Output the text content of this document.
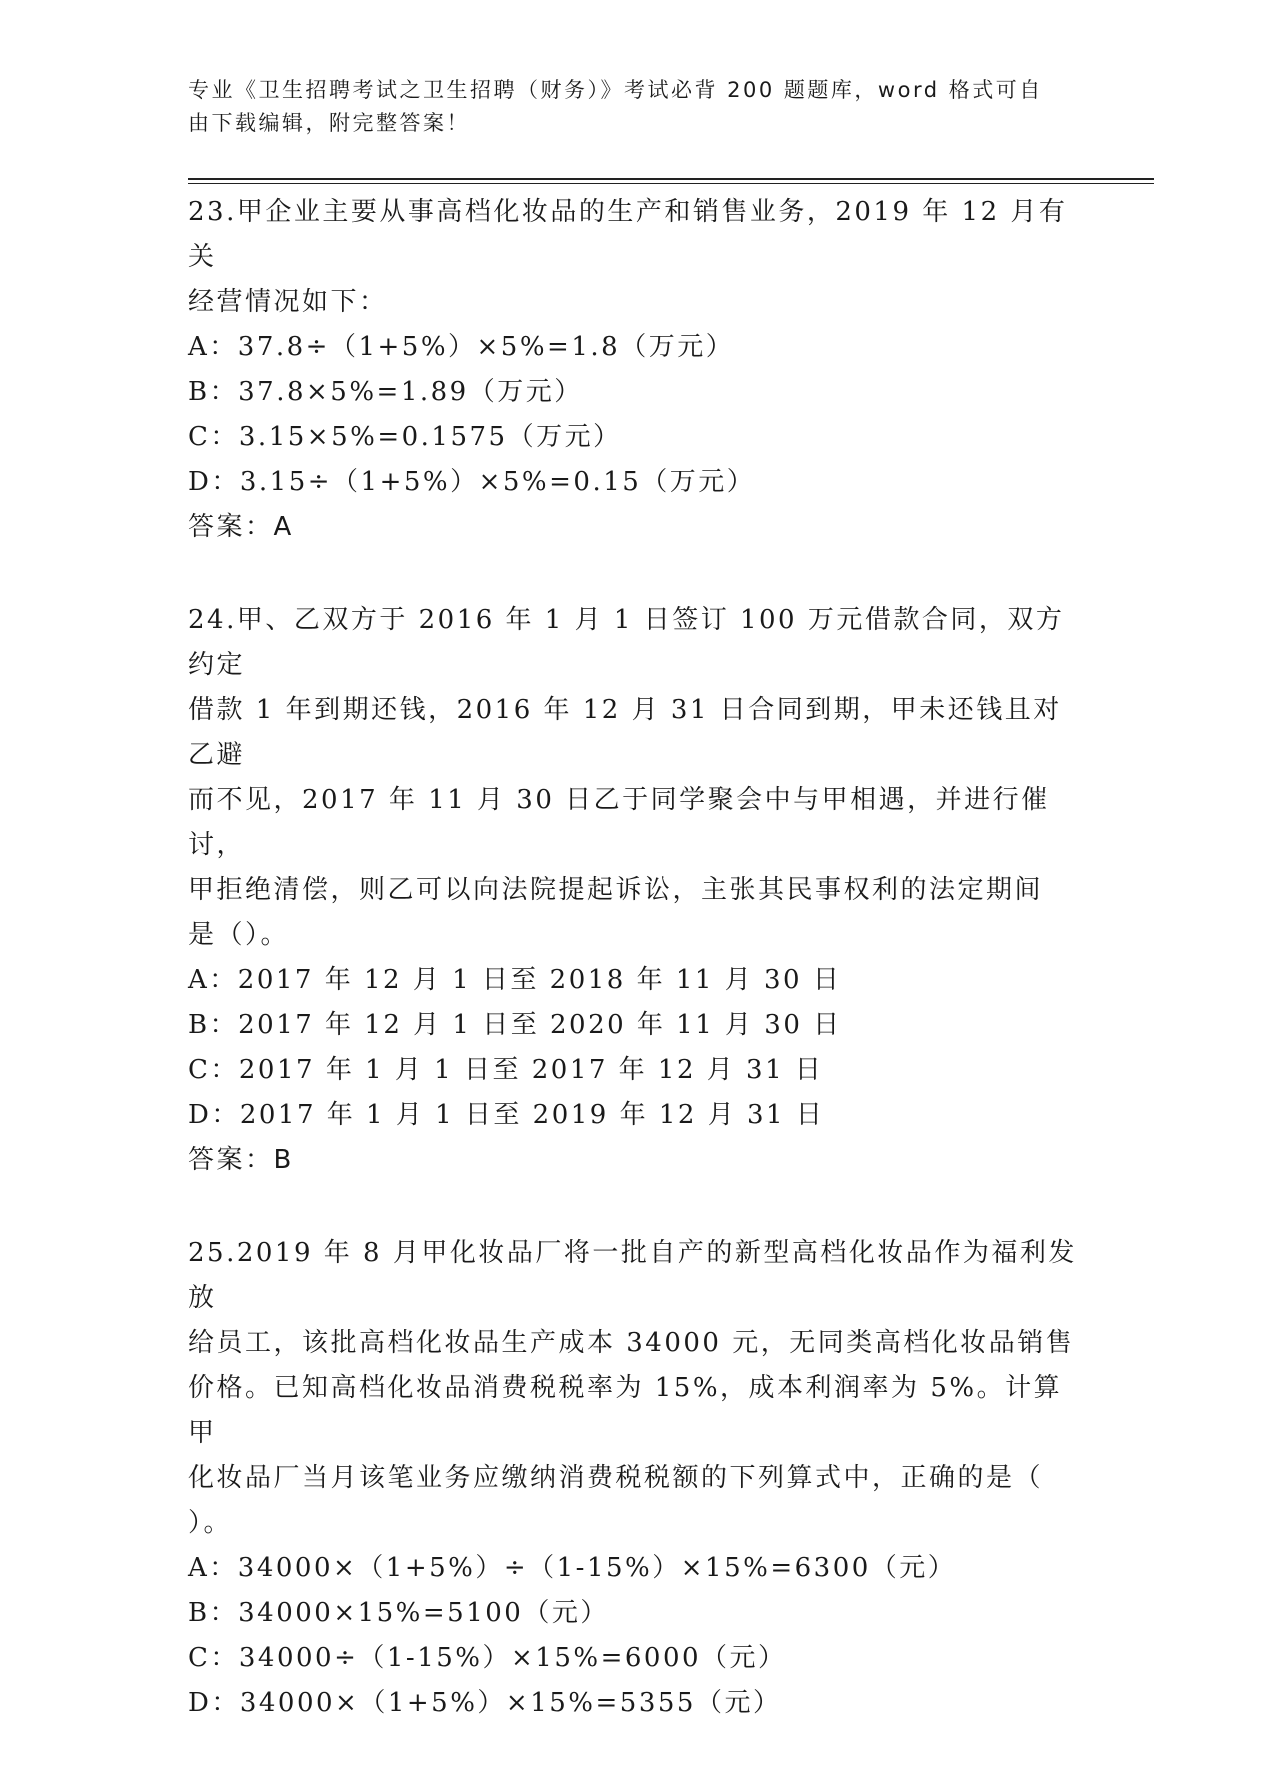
专业《卫生招聘考试之卫生招聘（财务）》考试必背 200 题题库，word 格式可自
由下载编辑，附完整答案！
23.甲企业主要从事高档化妆品的生产和销售业务，2019 年 12 月有关
经营情况如下：
A：37.8÷（1+5%）×5%=1.8（万元）
B：37.8×5%=1.89（万元）
C：3.15×5%=0.1575（万元）
D：3.15÷（1+5%）×5%=0.15（万元）
答案：A
24.甲、乙双方于 2016 年 1 月 1 日签订 100 万元借款合同，双方约定
借款 1 年到期还钱，2016 年 12 月 31 日合同到期，甲未还钱且对乙避
而不见，2017 年 11 月 30 日乙于同学聚会中与甲相遇，并进行催讨，
甲拒绝清偿，则乙可以向法院提起诉讼，主张其民事权利的法定期间
是（）。
A：2017 年 12 月 1 日至 2018 年 11 月 30 日
B：2017 年 12 月 1 日至 2020 年 11 月 30 日
C：2017 年 1 月 1 日至 2017 年 12 月 31 日
D：2017 年 1 月 1 日至 2019 年 12 月 31 日
答案：B
25.2019 年 8 月甲化妆品厂将一批自产的新型高档化妆品作为福利发放
给员工，该批高档化妆品生产成本 34000 元，无同类高档化妆品销售
价格。已知高档化妆品消费税税率为 15%，成本利润率为 5%。计算甲
化妆品厂当月该笔业务应缴纳消费税税额的下列算式中，正确的是（
）。
A：34000×（1+5%）÷（1-15%）×15%=6300（元）
B：34000×15%=5100（元）
C：34000÷（1-15%）×15%=6000（元）
D：34000×（1+5%）×15%=5355（元）
